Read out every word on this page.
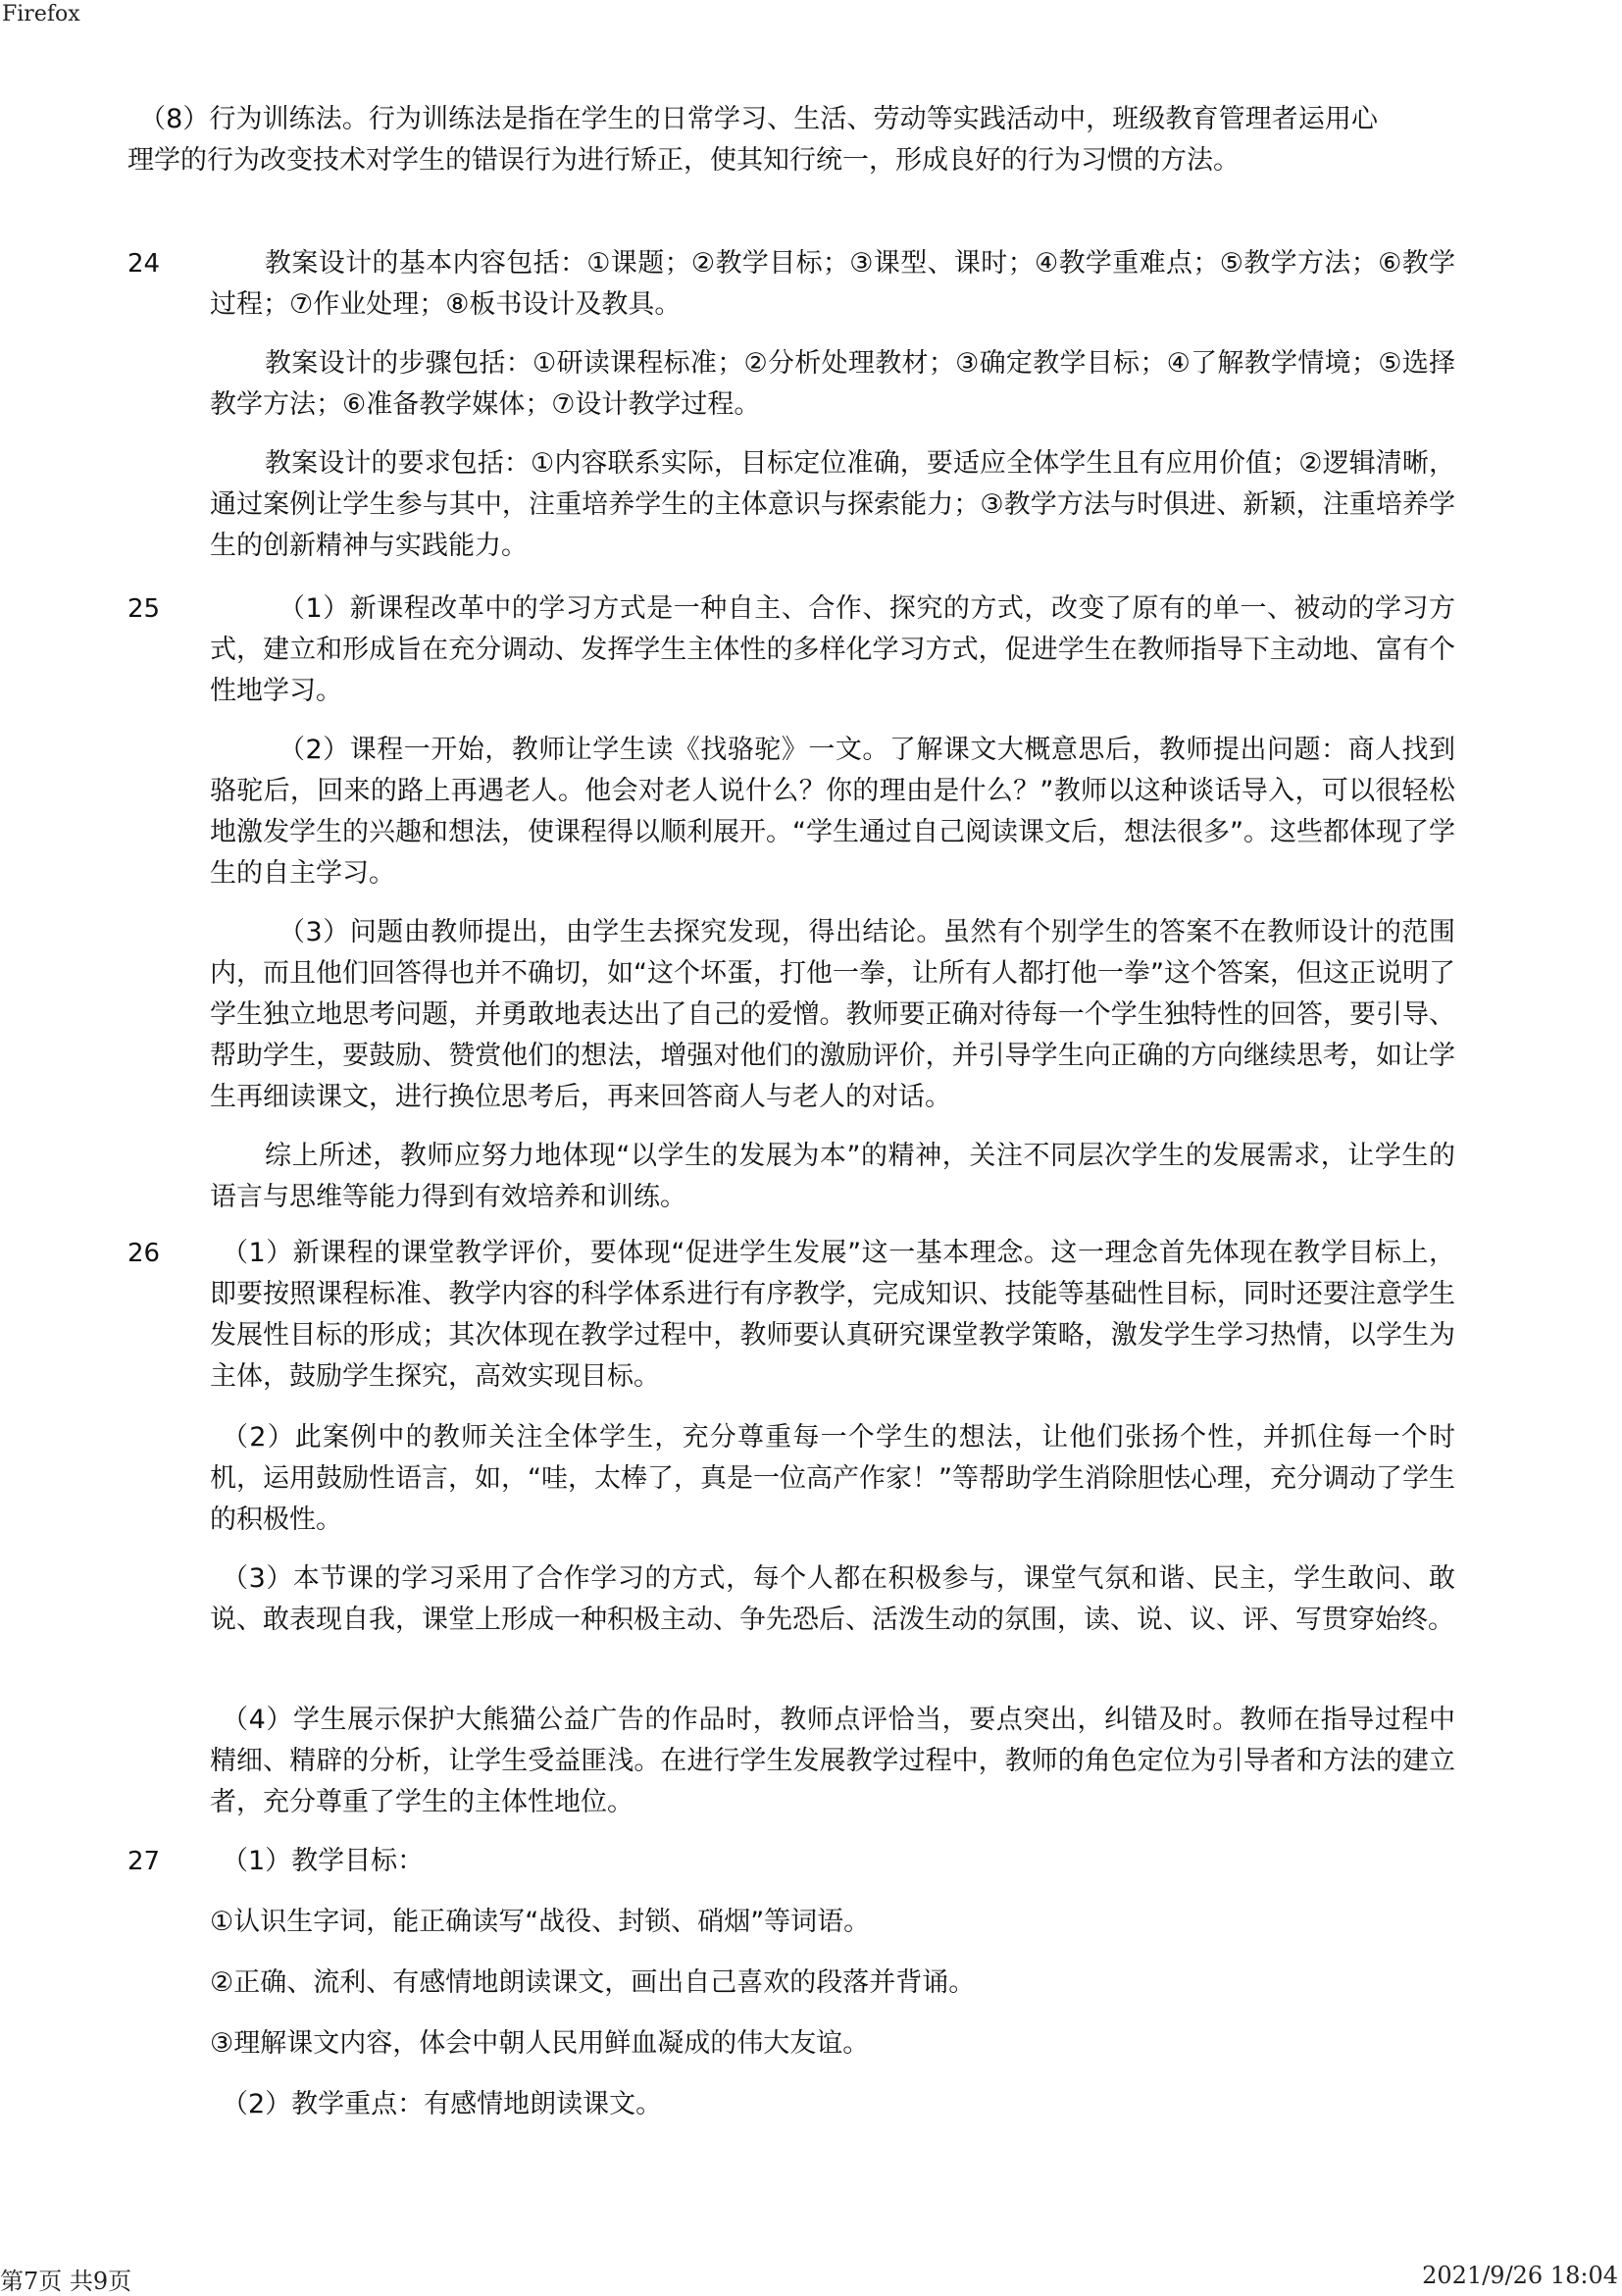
Firefox

（8）行为训练法。行为训练法是指在学生的日常学习、生活、劳动等实践活动中，班级教育管理者运用心理学的行为改变技术对学生的错误行为进行矫正，使其知行统一，形成良好的行为习惯的方法。

24	教案设计的基本内容包括：①课题；②教学目标；③课型、课时；④教学重难点；⑤教学方法；⑥教学过程；⑦作业处理；⑧板书设计及教具。

教案设计的步骤包括：①研读课程标准；②分析处理教材；③确定教学目标；④了解教学情境；⑤选择教学方法；⑥准备教学媒体；⑦设计教学过程。

教案设计的要求包括：①内容联系实际，目标定位准确，要适应全体学生且有应用价值；②逻辑清晰，通过案例让学生参与其中，注重培养学生的主体意识与探索能力；③教学方法与时俱进、新颖，注重培养学生的创新精神与实践能力。

25	（1）新课程改革中的学习方式是一种自主、合作、探究的方式，改变了原有的单一、被动的学习方式，建立和形成旨在充分调动、发挥学生主体性的多样化学习方式，促进学生在教师指导下主动地、富有个性地学习。

（2）课程一开始，教师让学生读《找骆驼》一文。了解课文大概意思后，教师提出问题：商人找到骆驼后，回来的路上再遇老人。他会对老人说什么？你的理由是什么？”教师以这种谈话导入，可以很轻松地激发学生的兴趣和想法，使课程得以顺利展开。“学生通过自己阅读课文后，想法很多”。这些都体现了学生的自主学习。

（3）问题由教师提出，由学生去探究发现，得出结论。虽然有个别学生的答案不在教师设计的范围内，而且他们回答得也并不确切，如“这个坏蛋，打他一拳，让所有人都打他一拳”这个答案，但这正说明了学生独立地思考问题，并勇敢地表达出了自己的爱憎。教师要正确对待每一个学生独特性的回答，要引导、帮助学生，要鼓励、赞赏他们的想法，增强对他们的激励评价，并引导学生向正确的方向继续思考，如让学生再细读课文，进行换位思考后，再来回答商人与老人的对话。

综上所述，教师应努力地体现“以学生的发展为本”的精神，关注不同层次学生的发展需求，让学生的语言与思维等能力得到有效培养和训练。

26	（1）新课程的课堂教学评价，要体现“促进学生发展”这一基本理念。这一理念首先体现在教学目标上，即要按照课程标准、教学内容的科学体系进行有序教学，完成知识、技能等基础性目标，同时还要注意学生发展性目标的形成；其次体现在教学过程中，教师要认真研究课堂教学策略，激发学生学习热情，以学生为主体，鼓励学生探究，高效实现目标。

（2）此案例中的教师关注全体学生，充分尊重每一个学生的想法，让他们张扬个性，并抓住每一个时机，运用鼓励性语言，如，“哇，太棒了，真是一位高产作家！”等帮助学生消除胆怯心理，充分调动了学生的积极性。

（3）本节课的学习采用了合作学习的方式，每个人都在积极参与，课堂气氛和谐、民主，学生敢问、敢说、敢表现自我，课堂上形成一种积极主动、争先恐后、活泼生动的氛围，读、说、议、评、写贯穿始终。

（4）学生展示保护大熊猫公益广告的作品时，教师点评恰当，要点突出，纠错及时。教师在指导过程中精细、精辟的分析，让学生受益匪浅。在进行学生发展教学过程中，教师的角色定位为引导者和方法的建立者，充分尊重了学生的主体性地位。

27	（1）教学目标：

①认识生字词，能正确读写“战役、封锁、硝烟”等词语。

②正确、流利、有感情地朗读课文，画出自己喜欢的段落并背诵。

③理解课文内容，体会中朝人民用鲜血凝成的伟大友谊。

（2）教学重点：有感情地朗读课文。

第7页 共9页	2021/9/26 18:04
